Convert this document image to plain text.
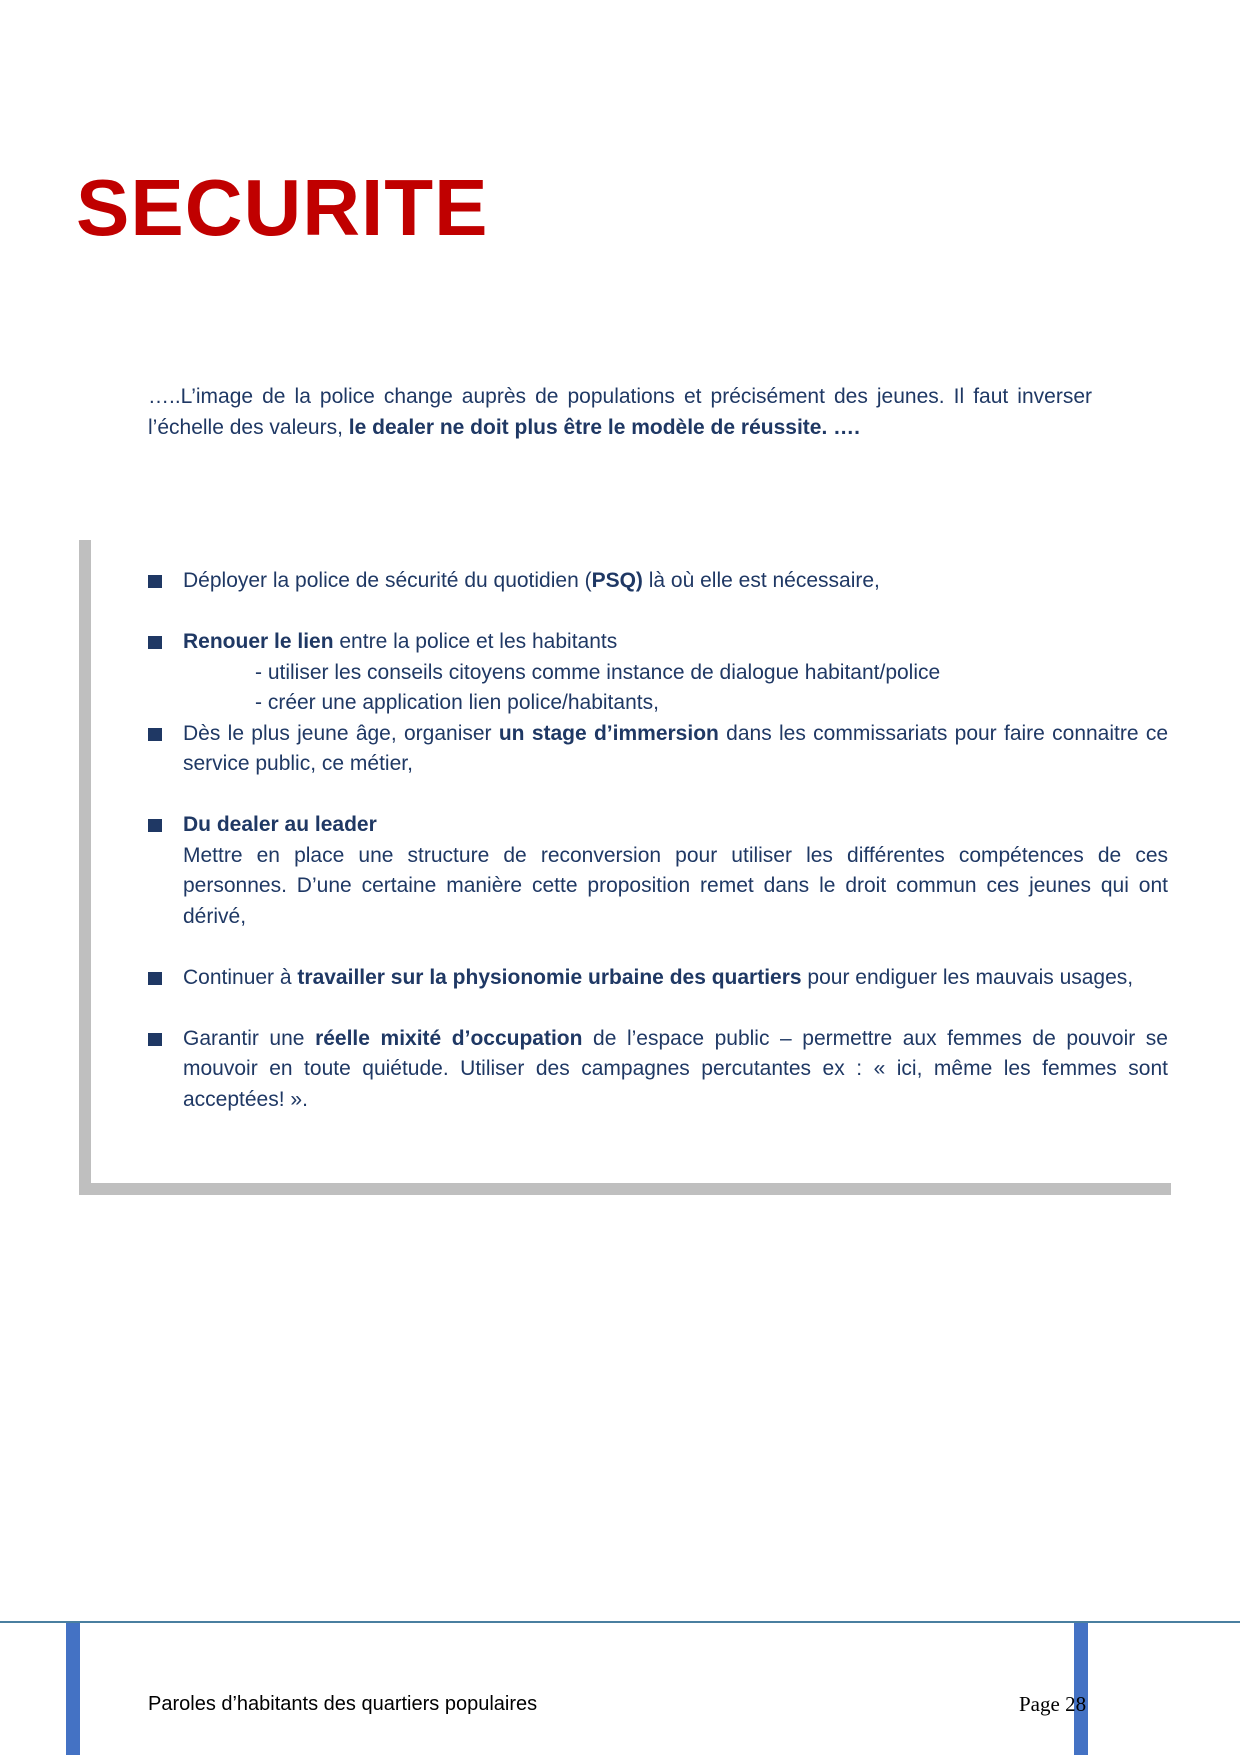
SECURITE
…..L’image de la police change auprès de populations et précisément des jeunes. Il faut inverser l’échelle des valeurs, le dealer ne doit plus être le modèle de réussite. ….
Déployer la police de sécurité du quotidien (PSQ) là où elle est nécessaire,
Renouer le lien entre la police et les habitants
- utiliser les conseils citoyens comme instance de dialogue habitant/police
- créer une application lien police/habitants,
Dès le plus jeune âge, organiser un stage d’immersion dans les commissariats pour faire connaitre ce service public, ce métier,
Du dealer au leader
Mettre en place une structure de reconversion pour utiliser les différentes compétences de ces personnes. D’une certaine manière cette proposition remet dans le droit commun ces jeunes qui ont dérivé,
Continuer à travailler sur la physionomie urbaine des quartiers pour endiguer les mauvais usages,
Garantir une réelle mixité d’occupation de l’espace public – permettre aux femmes de pouvoir se mouvoir en toute quiétude. Utiliser des campagnes percutantes ex : « ici, même les femmes sont acceptées! ».
Paroles d’habitants des quartiers populaires	Page 28
